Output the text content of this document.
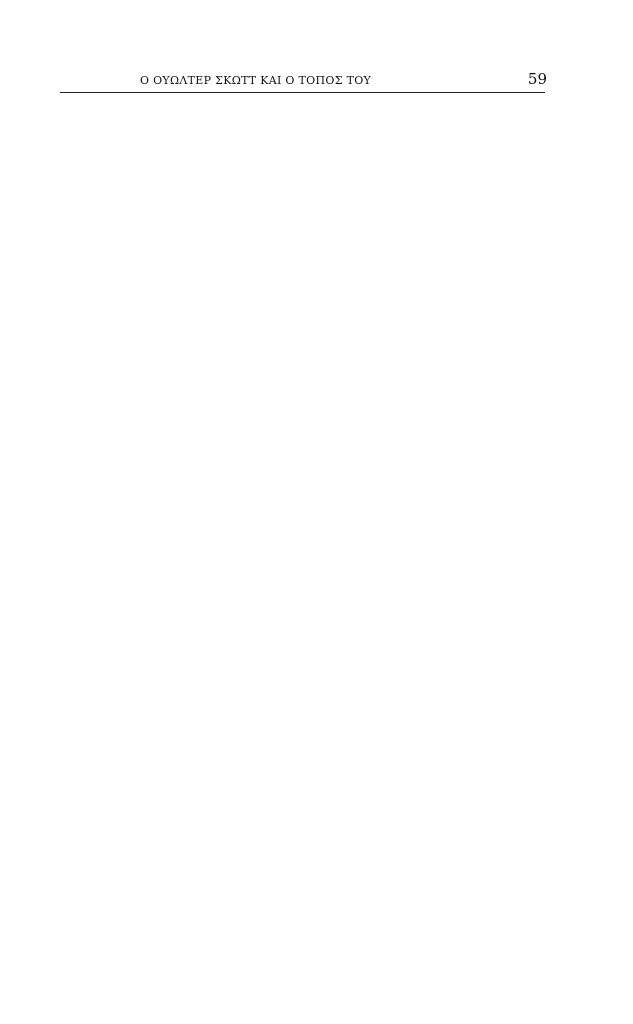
Ο ΟΥΩΛΤΕΡ ΣΚΩΤΤ ΚΑΙ Ο ΤΟΠΟΣ ΤΟΥ	59
